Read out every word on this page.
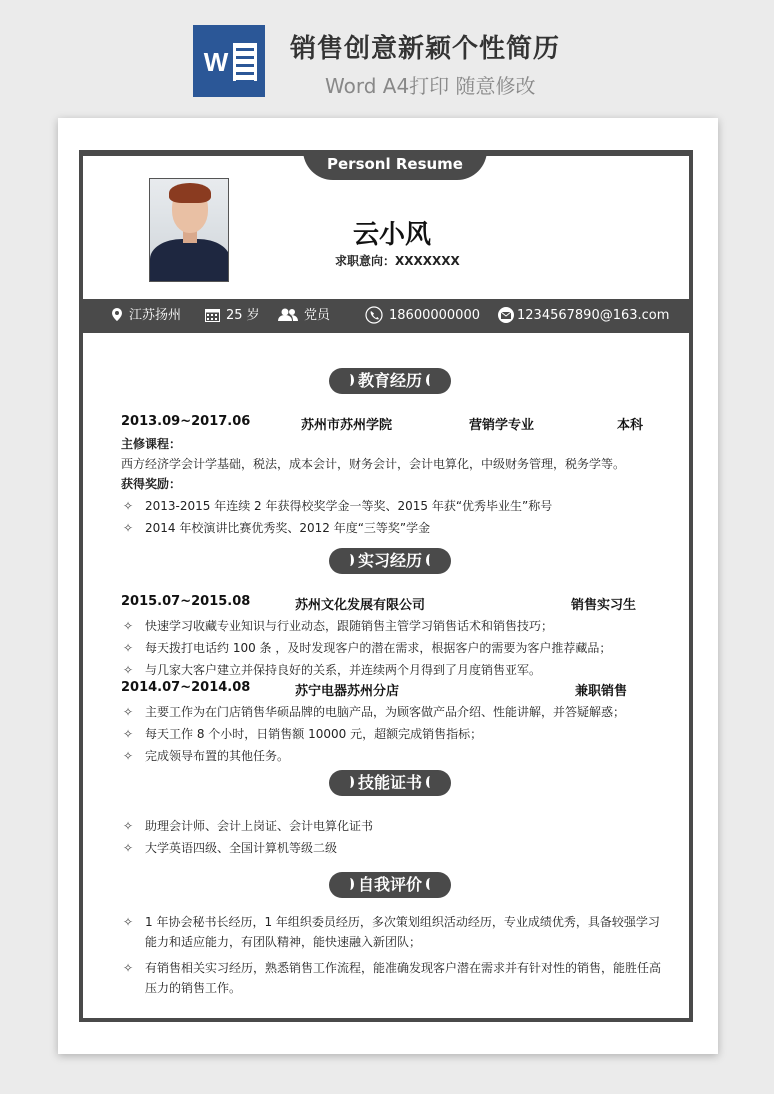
W 销售创意新颖个性简历
Word A4打印 随意修改
Personl Resume
云小风
求职意向：XXXXXXX
江苏扬州	25 岁	党员	18600000000	1234567890@163.com
教育经历
2013.09~2017.06	苏州市苏州学院	营销学专业	本科
主修课程：
西方经济学会计学基础，税法，成本会计，财务会计，会计电算化，中级财务管理，税务学等。
获得奖励：
✧ 2013-2015 年连续 2 年获得校奖学金一等奖、2015 年获“优秀毕业生”称号
✧ 2014 年校演讲比赛优秀奖、2012 年度“三等奖”学金
实习经历
2015.07~2015.08	苏州文化发展有限公司	销售实习生
✧ 快速学习收藏专业知识与行业动态，跟随销售主管学习销售话术和销售技巧；
✧ 每天拨打电话约 100 条 ，及时发现客户的潜在需求，根据客户的需要为客户推荐藏品；
✧ 与几家大客户建立并保持良好的关系，并连续两个月得到了月度销售亚军。
2014.07~2014.08	苏宁电器苏州分店	兼职销售
✧ 主要工作为在门店销售华硕品牌的电脑产品，为顾客做产品介绍、性能讲解，并答疑解惑；
✧ 每天工作 8 个小时，日销售额 10000 元，超额完成销售指标；
✧ 完成领导布置的其他任务。
技能证书
✧ 助理会计师、会计上岗证、会计电算化证书
✧ 大学英语四级、全国计算机等级二级
自我评价
✧ 1 年协会秘书长经历，1 年组织委员经历，多次策划组织活动经历，专业成绩优秀，具备较强学习能力和适应能力，有团队精神，能快速融入新团队；
✧ 有销售相关实习经历，熟悉销售工作流程，能准确发现客户潜在需求并有针对性的销售，能胜任高压力的销售工作。
